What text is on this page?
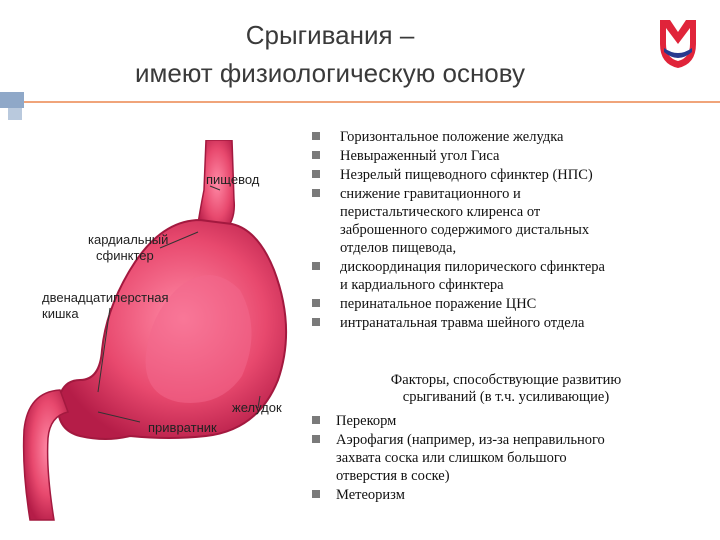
Срыгивания –
имеют физиологическую основу
пищевод
кардиальный
сфинктер
двенадцатиперстная
кишка
желудок
привратник
Горизонтальное положение желудка
Невыраженный угол Гиса
Незрелый пищеводного сфинктер (НПС)
снижение гравитационного и
перистальтического клиренса от
заброшенного содержимого дистальных
отделов пищевода,
дискоординация пилорического сфинктера
и кардиального сфинктера
перинатальное поражение ЦНС
интранатальная травма шейного отдела
Факторы, способствующие развитию
срыгиваний (в т.ч. усиливающие)
Перекорм
Аэрофагия (например, из-за неправильного
захвата соска или слишком большого
отверстия в соске)
Метеоризм
